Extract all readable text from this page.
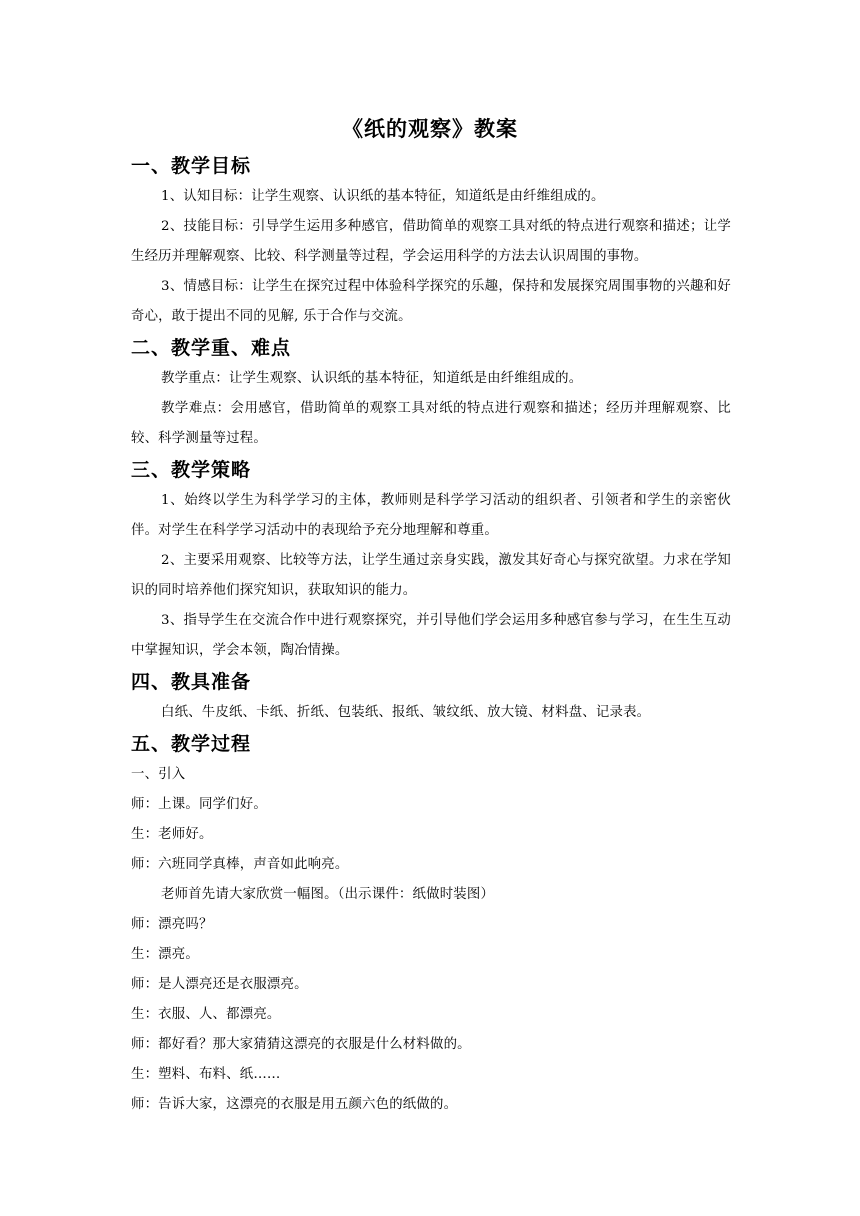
《纸的观察》教案
一、教学目标

1、认知目标：让学生观察、认识纸的基本特征，知道纸是由纤维组成的。

2、技能目标：引导学生运用多种感官，借助简单的观察工具对纸的特点进行观察和描述；让学生经历并理解观察、比较、科学测量等过程，学会运用科学的方法去认识周围的事物。

3、情感目标：让学生在探究过程中体验科学探究的乐趣，保持和发展探究周围事物的兴趣和好奇心，敢于提出不同的见解, 乐于合作与交流。

二、教学重、难点

教学重点：让学生观察、认识纸的基本特征，知道纸是由纤维组成的。

教学难点：会用感官，借助简单的观察工具对纸的特点进行观察和描述；经历并理解观察、比较、科学测量等过程。

三、教学策略

1、始终以学生为科学学习的主体，教师则是科学学习活动的组织者、引领者和学生的亲密伙伴。对学生在科学学习活动中的表现给予充分地理解和尊重。

2、主要采用观察、比较等方法，让学生通过亲身实践，激发其好奇心与探究欲望。力求在学知识的同时培养他们探究知识，获取知识的能力。

3、指导学生在交流合作中进行观察探究，并引导他们学会运用多种感官参与学习，在生生互动中掌握知识，学会本领，陶冶情操。

四、教具准备

白纸、牛皮纸、卡纸、折纸、包装纸、报纸、皱纹纸、放大镜、材料盘、记录表。

五、教学过程

一、引入

师：上课。同学们好。

生：老师好。

师：六班同学真棒，声音如此响亮。

老师首先请大家欣赏一幅图。（出示课件：纸做时装图）

师：漂亮吗？

生：漂亮。

师：是人漂亮还是衣服漂亮。

生：衣服、人、都漂亮。

师：都好看？那大家猜猜这漂亮的衣服是什么材料做的。

生：塑料、布料、纸……

师：告诉大家，这漂亮的衣服是用五颜六色的纸做的。
